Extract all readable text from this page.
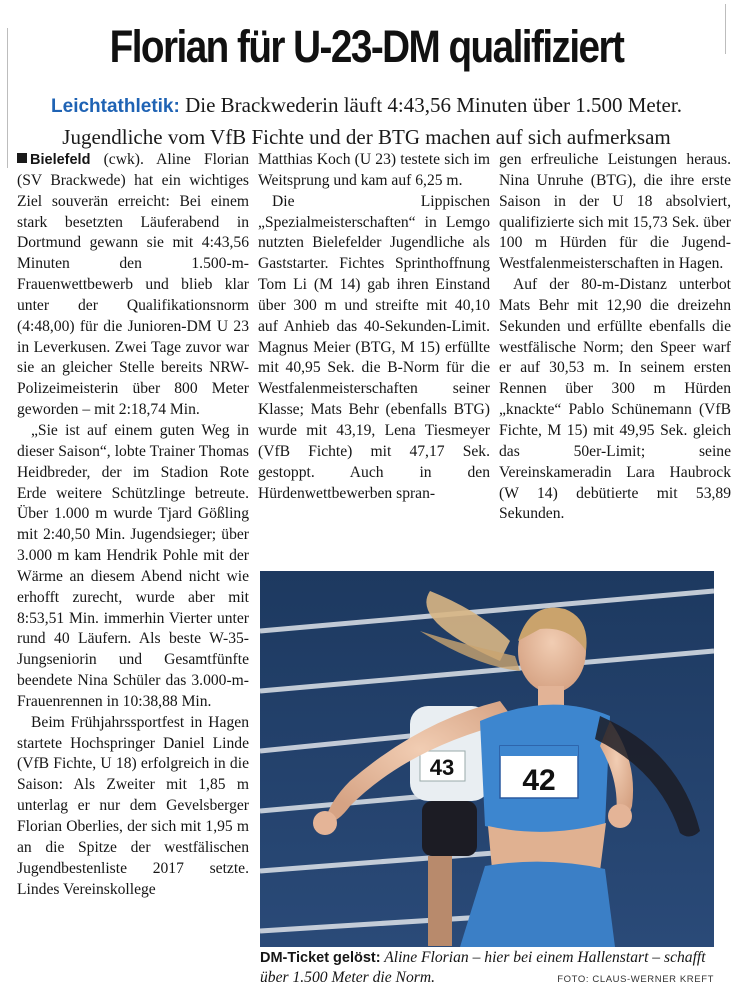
Florian für U-23-DM qualifiziert
Leichtathletik: Die Brackwederin läuft 4:43,56 Minuten über 1.500 Meter.
Jugendliche vom VfB Fichte und der BTG machen auf sich aufmerksam

Bielefeld (cwk). Aline Florian (SV Brackwede) hat ein wichtiges Ziel souverän erreicht: Bei einem stark besetzten Läuferabend in Dortmund gewann sie mit 4:43,56 Minuten den 1.500-m-Frauenwettbewerb und blieb klar unter der Qualifikationsnorm (4:48,00) für die Junioren-DM U 23 in Leverkusen. Zwei Tage zuvor war sie an gleicher Stelle bereits NRW-Polizeimeisterin über 800 Meter geworden – mit 2:18,74 Min.

„Sie ist auf einem guten Weg in dieser Saison“, lobte Trainer Thomas Heidbreder, der im Stadion Rote Erde weitere Schützlinge betreute. Über 1.000 m wurde Tjard Gößling mit 2:40,50 Min. Jugendsieger; über 3.000 m kam Hendrik Pohle mit der Wärme an diesem Abend nicht wie erhofft zurecht, wurde aber mit 8:53,51 Min. immerhin Vierter unter rund 40 Läufern. Als beste W-35-Jungseniorin und Gesamtfünfte beendete Nina Schüler das 3.000-m-Frauenrennen in 10:38,88 Min.

Beim Frühjahrssportfest in Hagen startete Hochspringer Daniel Linde (VfB Fichte, U 18) erfolgreich in die Saison: Als Zweiter mit 1,85 m unterlag er nur dem Gevelsberger Florian Oberlies, der sich mit 1,95 m an die Spitze der westfälischen Jugendbestenliste 2017 setzte. Lindes Vereinskollege

Matthias Koch (U 23) testete sich im Weitsprung und kam auf 6,25 m.

Die Lippischen „Spezialmeisterschaften“ in Lemgo nutzten Bielefelder Jugendliche als Gaststarter. Fichtes Sprinthoffnung Tom Li (M 14) gab ihren Einstand über 300 m und streifte mit 40,10 auf Anhieb das 40-Sekunden-Limit. Magnus Meier (BTG, M 15) erfüllte mit 40,95 Sek. die B-Norm für die Westfalenmeisterschaften seiner Klasse; Mats Behr (ebenfalls BTG) wurde mit 43,19, Lena Tiesmeyer (VfB Fichte) mit 47,17 Sek. gestoppt. Auch in den Hürdenwettbewerben spran-

gen erfreuliche Leistungen heraus. Nina Unruhe (BTG), die ihre erste Saison in der U 18 absolviert, qualifizierte sich mit 15,73 Sek. über 100 m Hürden für die Jugend-Westfalenmeisterschaften in Hagen.

Auf der 80-m-Distanz unterbot Mats Behr mit 12,90 die dreizehn Sekunden und erfüllte ebenfalls die westfälische Norm; den Speer warf er auf 30,53 m. In seinem ersten Rennen über 300 m Hürden „knackte“ Pablo Schünemann (VfB Fichte, M 15) mit 49,95 Sek. gleich das 50er-Limit; seine Vereinskameradin Lara Haubrock (W 14) debütierte mit 53,89 Sekunden.

43 42
DM-Ticket gelöst: Aline Florian – hier bei einem Hallenstart – schafft über 1.500 Meter die Norm.	FOTO: CLAUS-WERNER KREFT
